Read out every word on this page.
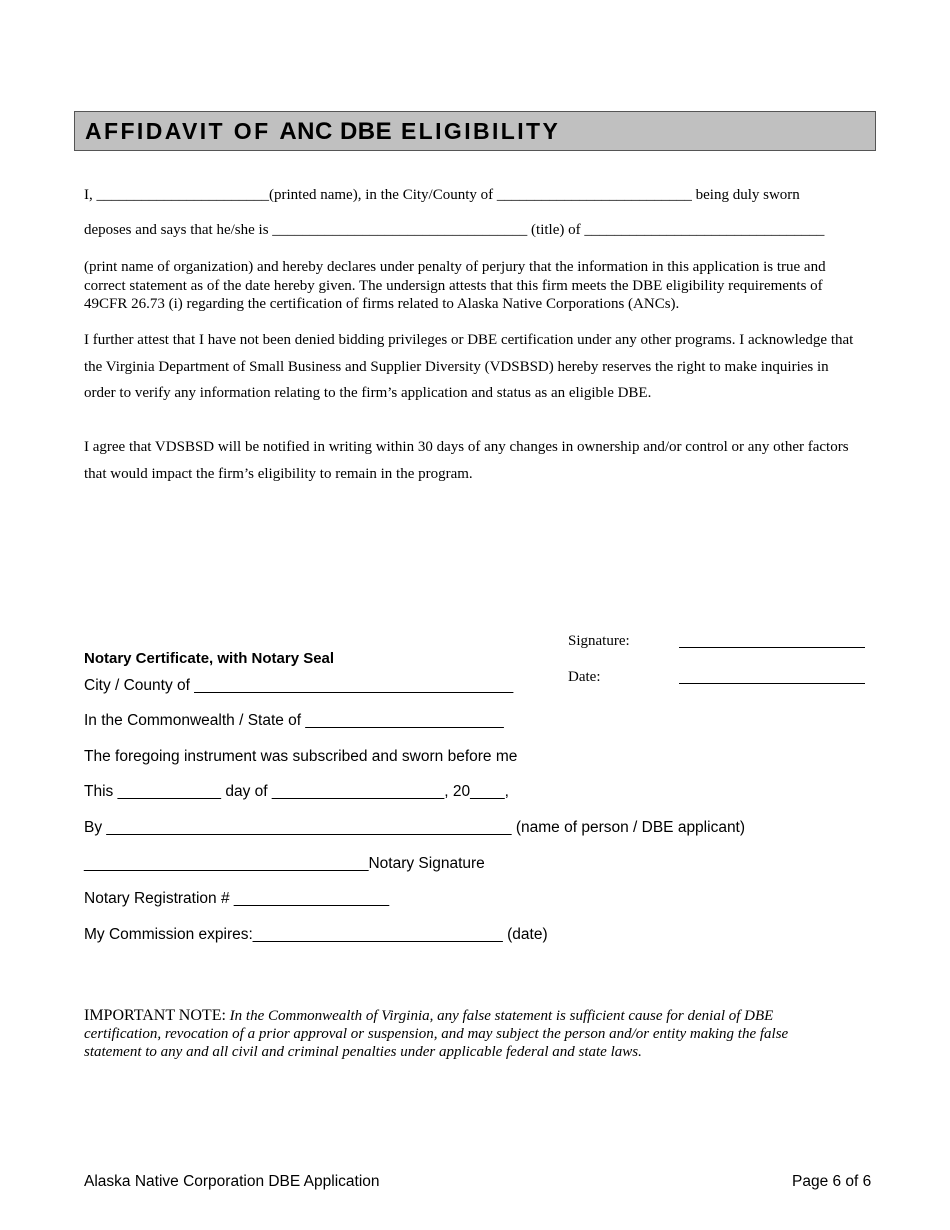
AFFIDAVIT OF ANC DBE ELIGIBILITY
I, _______________________(printed name), in the City/County of __________________________ being duly sworn
deposes and says that he/she is __________________________________ (title) of ________________________________
(print name of organization) and hereby declares under penalty of perjury that the information in this application is true and correct statement as of the date hereby given. The undersign attests that this firm meets the DBE eligibility requirements of 49CFR 26.73 (i) regarding the certification of firms related to Alaska Native Corporations (ANCs).
I further attest that I have not been denied bidding privileges or DBE certification under any other programs. I acknowledge that the Virginia Department of Small Business and Supplier Diversity (VDSBSD) hereby reserves the right to make inquiries in order to verify any information relating to the firm’s application and status as an eligible DBE.
I agree that VDSBSD will be notified in writing within 30 days of any changes in ownership and/or control or any other factors that would impact the firm’s eligibility to remain in the program.
Signature:
Date:
Notary Certificate, with Notary Seal
City / County of _____________________________________
In the Commonwealth / State of _______________________
The foregoing instrument was subscribed and sworn before me
This ____________ day of ____________________, 20____,
By _______________________________________________ (name of person / DBE applicant)
_________________________________Notary Signature
Notary Registration # __________________
My Commission expires:_____________________________ (date)
IMPORTANT NOTE: In the Commonwealth of Virginia, any false statement is sufficient cause for denial of DBE certification, revocation of a prior approval or suspension, and may subject the person and/or entity making the false statement to any and all civil and criminal penalties under applicable federal and state laws.
Alaska Native Corporation DBE Application	Page 6 of 6
